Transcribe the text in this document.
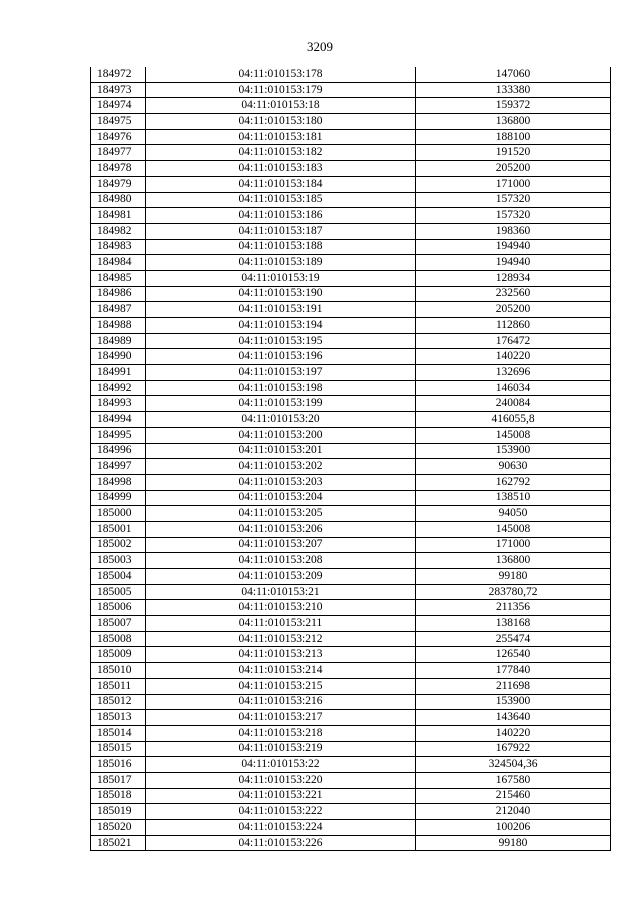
3209
184972	04:11:010153:178	147060
184973	04:11:010153:179	133380
184974	04:11:010153:18	159372
184975	04:11:010153:180	136800
184976	04:11:010153:181	188100
184977	04:11:010153:182	191520
184978	04:11:010153:183	205200
184979	04:11:010153:184	171000
184980	04:11:010153:185	157320
184981	04:11:010153:186	157320
184982	04:11:010153:187	198360
184983	04:11:010153:188	194940
184984	04:11:010153:189	194940
184985	04:11:010153:19	128934
184986	04:11:010153:190	232560
184987	04:11:010153:191	205200
184988	04:11:010153:194	112860
184989	04:11:010153:195	176472
184990	04:11:010153:196	140220
184991	04:11:010153:197	132696
184992	04:11:010153:198	146034
184993	04:11:010153:199	240084
184994	04:11:010153:20	416055,8
184995	04:11:010153:200	145008
184996	04:11:010153:201	153900
184997	04:11:010153:202	90630
184998	04:11:010153:203	162792
184999	04:11:010153:204	138510
185000	04:11:010153:205	94050
185001	04:11:010153:206	145008
185002	04:11:010153:207	171000
185003	04:11:010153:208	136800
185004	04:11:010153:209	99180
185005	04:11:010153:21	283780,72
185006	04:11:010153:210	211356
185007	04:11:010153:211	138168
185008	04:11:010153:212	255474
185009	04:11:010153:213	126540
185010	04:11:010153:214	177840
185011	04:11:010153:215	211698
185012	04:11:010153:216	153900
185013	04:11:010153:217	143640
185014	04:11:010153:218	140220
185015	04:11:010153:219	167922
185016	04:11:010153:22	324504,36
185017	04:11:010153:220	167580
185018	04:11:010153:221	215460
185019	04:11:010153:222	212040
185020	04:11:010153:224	100206
185021	04:11:010153:226	99180
